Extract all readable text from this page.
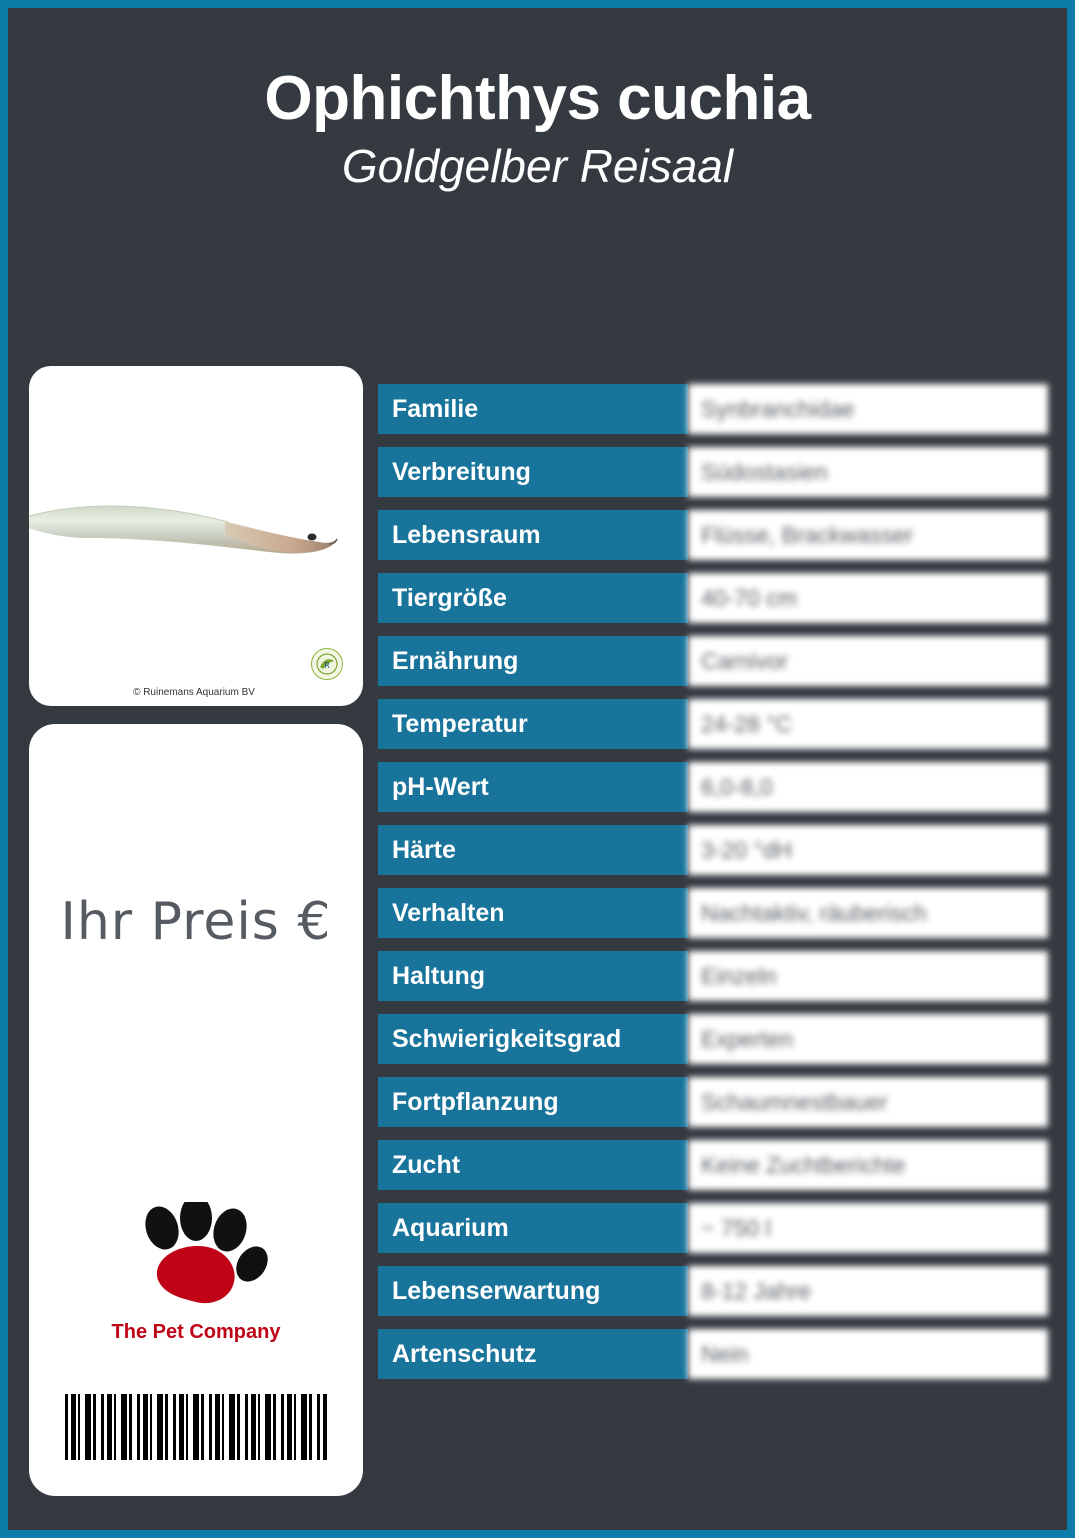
Ophichthys cuchia
Goldgelber Reisaal
R
© Ruinemans Aquarium BV
Ihr Preis €
The Pet Company
Familie	Synbranchidae
Verbreitung	Südostasien
Lebensraum	Flüsse, Brackwasser
Tiergröße	40-70 cm
Ernährung	Carnivor
Temperatur	24-28 °C
pH-Wert	6,0-8,0
Härte	3-20 °dH
Verhalten	Nachtaktiv, räuberisch
Haltung	Einzeln
Schwierigkeitsgrad	Experten
Fortpflanzung	Schaumnestbauer
Zucht	Keine Zuchtberichte
Aquarium	~ 750 l
Lebenserwartung	8-12 Jahre
Artenschutz	Nein
